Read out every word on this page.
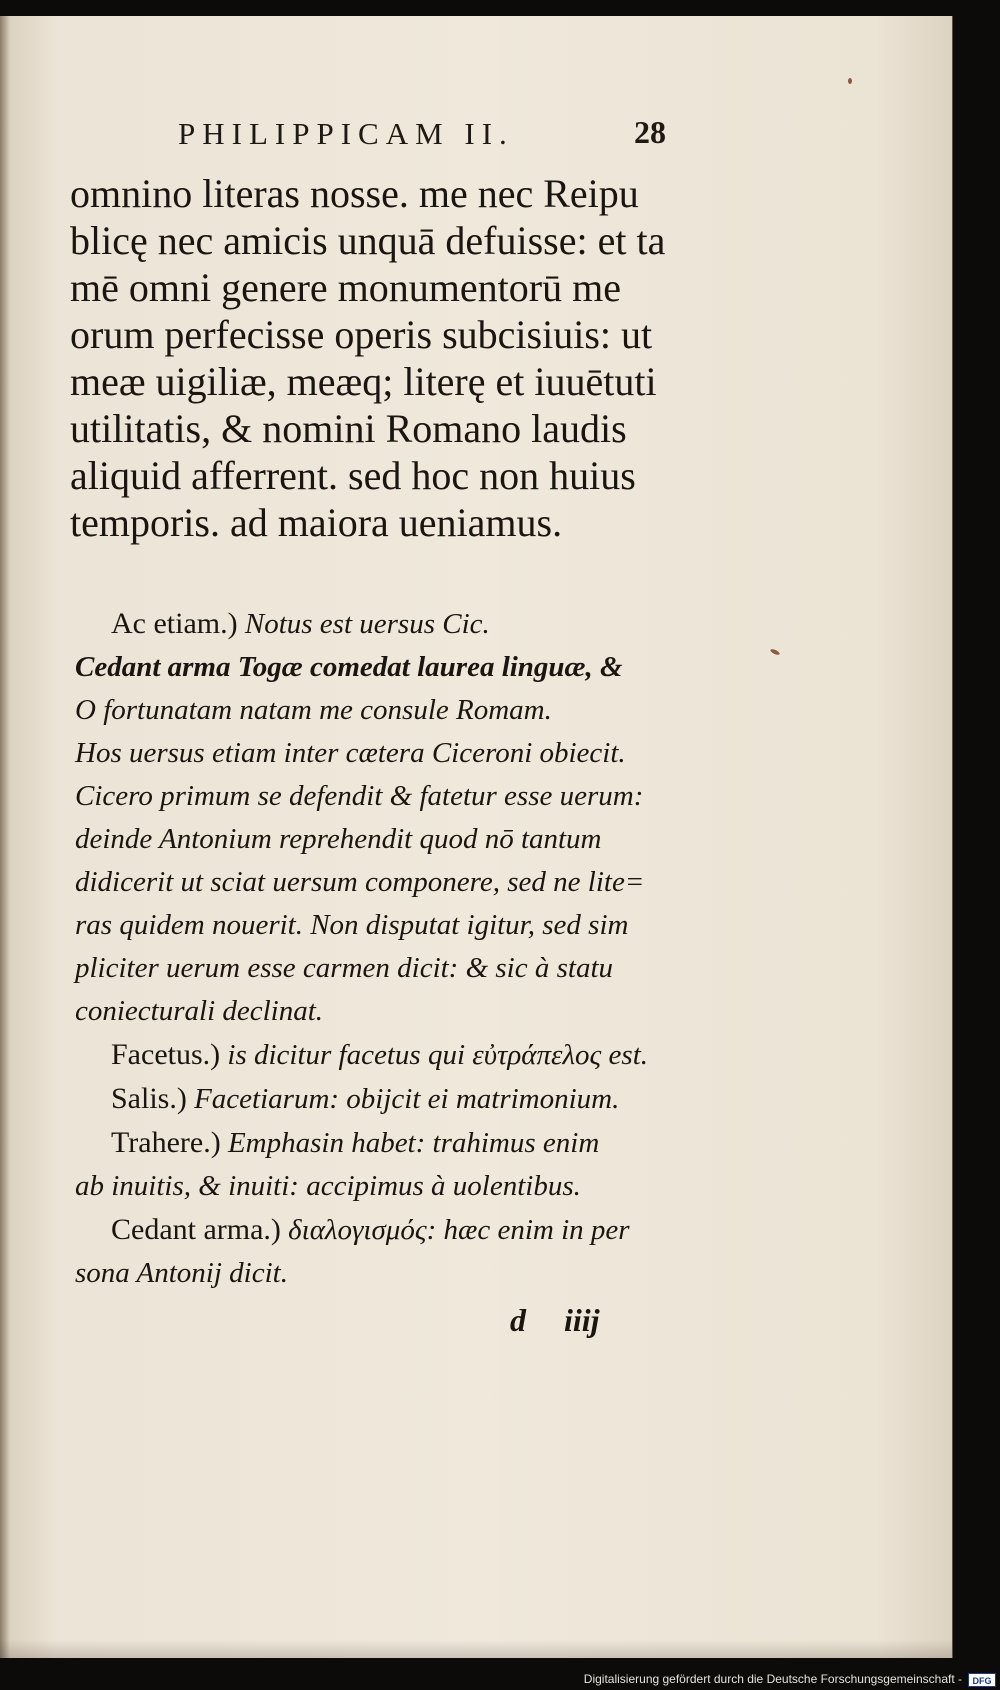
PHILIPPICAM II.	28
omnino literas nosse. me nec Reipu
blicę nec amicis unquā defuisse: et ta
mē omni genere monumentorū me
orum perfecisse operis subcisiuis: ut
meæ uigiliæ, meæq; literę et iuuētuti
utilitatis, & nomini Romano laudis
aliquid afferrent. sed hoc non huius
temporis. ad maiora ueniamus.
Ac etiam.) Notus est uersus Cic.
Cedant arma Togæ comedat laurea linguæ, &
O fortunatam natam me consule Romam.
Hos uersus etiam inter cætera Ciceroni obiecit.
Cicero primum se defendit & fatetur esse uerum:
deinde Antonium reprehendit quod nō tantum
didicerit ut sciat uersum componere, sed ne lite=
ras quidem nouerit. Non disputat igitur, sed sim
pliciter uerum esse carmen dicit: & sic à statu
coniecturali declinat.
Facetus.) is dicitur facetus qui εὐτράπελος est.
Salis.) Facetiarum: obijcit ei matrimonium.
Trahere.) Emphasin habet: trahimus enim
ab inuitis, & inuiti: accipimus à uolentibus.
Cedant arma.) διαλογισμός: hæc enim in per
sona Antonij dicit.
d iiij
Digitalisierung gefördert durch die Deutsche Forschungsgemeinschaft -	DFG
